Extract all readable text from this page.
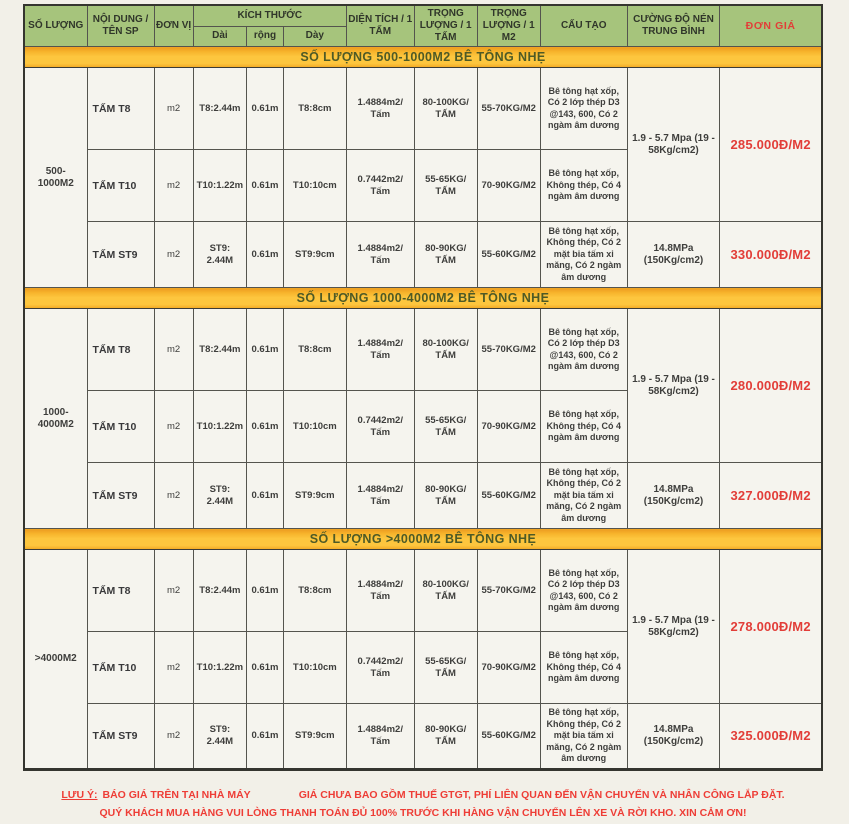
SỐ LƯỢNG	NỘI DUNG / TÊN SP	ĐƠN VỊ	KÍCH THƯỚC			DIỆN TÍCH / 1 TẤM	TRỌNG LƯỢNG / 1 TẤM	TRỌNG LƯỢNG / 1 M2	CẤU TẠO	CƯỜNG ĐỘ NÉN TRUNG BÌNH	ĐƠN GIÁ
			Dài	rộng	Dày						
SỐ LƯỢNG 500-1000M2 BÊ TÔNG NHẸ											
500-1000M2	TẤM T8	m2	T8:2.44m	0.61m	T8:8cm	1.4884m2/ Tấm	80-100KG/ TẤM	55-70KG/M2	Bê tông hạt xốp, Có 2 lớp thép D3 @143, 600, Có 2 ngàm âm dương	1.9 - 5.7 Mpa (19 - 58Kg/cm2)	285.000Đ/M2
	TẤM T10	m2	T10:1.22m	0.61m	T10:10cm	0.7442m2/ Tấm	55-65KG/ TẤM	70-90KG/M2	Bê tông hạt xốp, Không thép, Có 4 ngàm âm dương		
	TẤM ST9	m2	ST9: 2.44M	0.61m	ST9:9cm	1.4884m2/ Tấm	80-90KG/ TẤM	55-60KG/M2	Bê tông hạt xốp, Không thép, Có 2 mặt bia tấm xi măng, Có 2 ngàm âm dương	14.8MPa (150Kg/cm2)	330.000Đ/M2
SỐ LƯỢNG 1000-4000M2 BÊ TÔNG NHẸ											
1000-4000M2	TẤM T8	m2	T8:2.44m	0.61m	T8:8cm	1.4884m2/ Tấm	80-100KG/ TẤM	55-70KG/M2	Bê tông hạt xốp, Có 2 lớp thép D3 @143, 600, Có 2 ngàm âm dương	1.9 - 5.7 Mpa (19 - 58Kg/cm2)	280.000Đ/M2
	TẤM T10	m2	T10:1.22m	0.61m	T10:10cm	0.7442m2/ Tấm	55-65KG/ TẤM	70-90KG/M2	Bê tông hạt xốp, Không thép, Có 4 ngàm âm dương		
	TẤM ST9	m2	ST9: 2.44M	0.61m	ST9:9cm	1.4884m2/ Tấm	80-90KG/ TẤM	55-60KG/M2	Bê tông hạt xốp, Không thép, Có 2 mặt bia tấm xi măng, Có 2 ngàm âm dương	14.8MPa (150Kg/cm2)	327.000Đ/M2
SỐ LƯỢNG >4000M2 BÊ TÔNG NHẸ											
>4000M2	TẤM T8	m2	T8:2.44m	0.61m	T8:8cm	1.4884m2/ Tấm	80-100KG/ TẤM	55-70KG/M2	Bê tông hạt xốp, Có 2 lớp thép D3 @143, 600, Có 2 ngàm âm dương	1.9 - 5.7 Mpa (19 - 58Kg/cm2)	278.000Đ/M2
	TẤM T10	m2	T10:1.22m	0.61m	T10:10cm	0.7442m2/ Tấm	55-65KG/ TẤM	70-90KG/M2	Bê tông hạt xốp, Không thép, Có 4 ngàm âm dương		
	TẤM ST9	m2	ST9: 2.44M	0.61m	ST9:9cm	1.4884m2/ Tấm	80-90KG/ TẤM	55-60KG/M2	Bê tông hạt xốp, Không thép, Có 2 mặt bia tấm xi măng, Có 2 ngàm âm dương	14.8MPa (150Kg/cm2)	325.000Đ/M2
LƯU Ý: BÁO GIÁ TRÊN TẠI NHÀ MÁY	GIÁ CHƯA BAO GỒM THUẾ GTGT, PHÍ LIÊN QUAN ĐẾN VẬN CHUYỂN VÀ NHÂN CÔNG LẮP ĐẶT.
QUÝ KHÁCH MUA HÀNG VUI LÒNG THANH TOÁN ĐỦ 100% TRƯỚC KHI HÀNG VẬN CHUYỂN LÊN XE VÀ RỜI KHO. XIN CẢM ƠN!
